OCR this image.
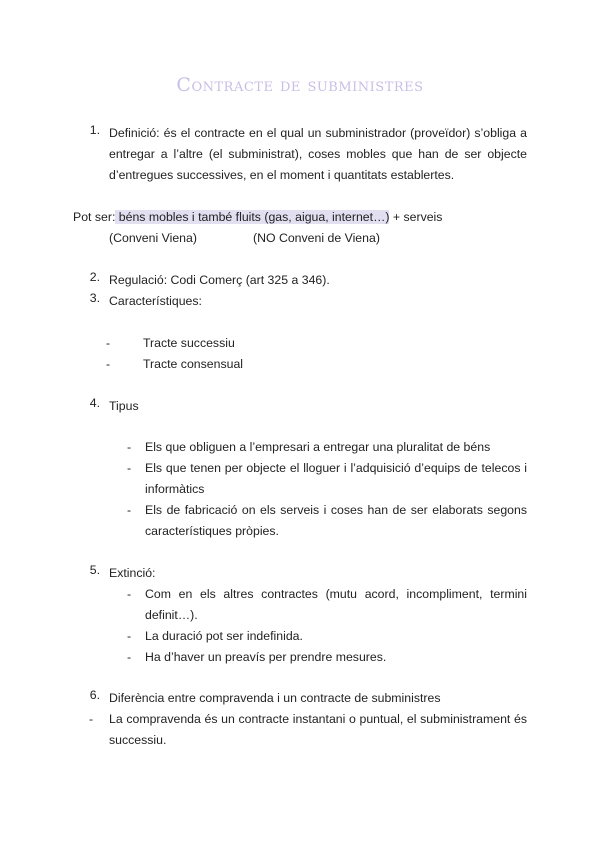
Contracte de subministres
1. Definició: és el contracte en el qual un subministrador (proveïdor) s’obliga a entregar a l’altre (el subministrat), coses mobles que han de ser objecte d’entregues successives, en el moment i quantitats establertes.
Pot ser: béns mobles i també fluits (gas, aigua, internet…) + serveis
(Conveni Viena)	(NO Conveni de Viena)
2. Regulació: Codi Comerç (art 325 a 346).
3. Característiques:
-	Tracte successiu
-	Tracte consensual
4. Tipus
- Els que obliguen a l’empresari a entregar una pluralitat de béns
- Els que tenen per objecte el lloguer i l’adquisició d’equips de telecos i informàtics
- Els de fabricació on els serveis i coses han de ser elaborats segons característiques pròpies.
5. Extinció:
- Com en els altres contractes (mutu acord, incompliment, termini definit…).
- La duració pot ser indefinida.
- Ha d’haver un preavís per prendre mesures.
6. Diferència entre compravenda i un contracte de subministres
- La compravenda és un contracte instantani o puntual, el subministrament és successiu.
